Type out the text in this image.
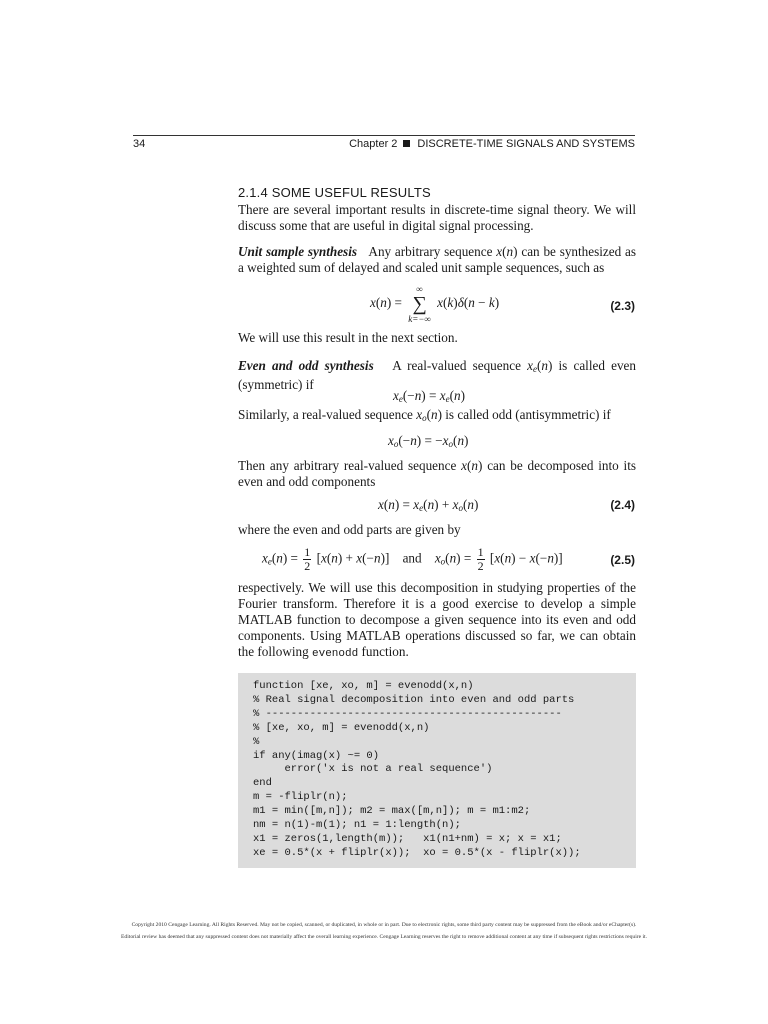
34	Chapter 2 DISCRETE-TIME SIGNALS AND SYSTEMS
2.1.4 SOME USEFUL RESULTS

There are several important results in discrete-time signal theory. We will discuss some that are useful in digital signal processing.

Unit sample synthesis Any arbitrary sequence x(n) can be synthesized as a weighted sum of delayed and scaled unit sample sequences, such as

x(n) =
∞
∑
k=−∞
x(k)δ(n − k)	(2.3)

We will use this result in the next section.

Even and odd synthesis A real-valued sequence $x_e(n)$ is called even (symmetric) if

$x_e(-n) = x_e(n)$

Similarly, a real-valued sequence $x_o(n)$ is called odd (antisymmetric) if

$x_o(-n) = -x_o(n)$

Then any arbitrary real-valued sequence x(n) can be decomposed into its even and odd components

$x(n) = x_e(n) + x_o(n)$	(2.4)

where the even and odd parts are given by

$x_e(n) = \frac{1}{2} [x(n) + x(-n)]$    and $x_o(n) = \frac{1}{2} [x(n) - x(-n)]$	(2.5)

respectively. We will use this decomposition in studying properties of the Fourier transform. Therefore it is a good exercise to develop a simple MATLAB function to decompose a given sequence into its even and odd components. Using MATLAB operations discussed so far, we can obtain the following evenodd function.

function [xe, xo, m] = evenodd(x,n)
% Real signal decomposition into even and odd parts
% -----------------------------------------------
% [xe, xo, m] = evenodd(x,n)
%
if any(imag(x) ~= 0)
error('x is not a real sequence')
end
m = -fliplr(n);
m1 = min([m,n]); m2 = max([m,n]); m = m1:m2;
nm = n(1)-m(1); n1 = 1:length(n);
x1 = zeros(1,length(m));   x1(n1+nm) = x; x = x1;
xe = 0.5*(x + fliplr(x));  xo = 0.5*(x - fliplr(x));
Copyright 2010 Cengage Learning. All Rights Reserved. May not be copied, scanned, or duplicated, in whole or in part. Due to electronic rights, some third party content may be suppressed from the eBook and/or eChapter(s).
Editorial review has deemed that any suppressed content does not materially affect the overall learning experience. Cengage Learning reserves the right to remove additional content at any time if subsequent rights restrictions require it.
